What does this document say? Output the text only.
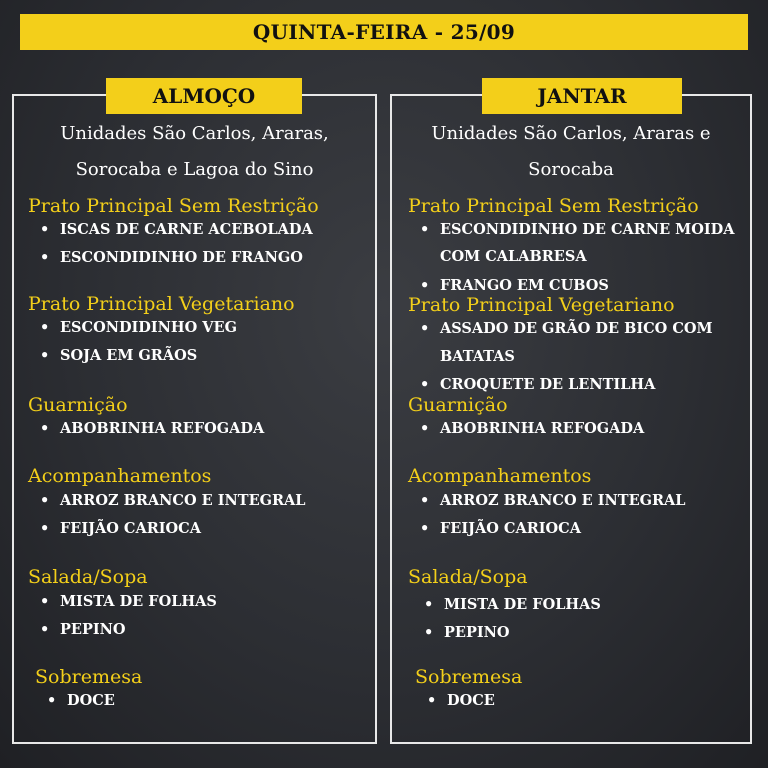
QUINTA-FEIRA - 25/09
ALMOÇO
Unidades São Carlos, Araras,
Sorocaba e Lagoa do Sino
Prato Principal Sem Restrição
• ISCAS DE CARNE ACEBOLADA
• ESCONDIDINHO DE FRANGO
Prato Principal Vegetariano
• ESCONDIDINHO VEG
• SOJA EM GRÃOS
Guarnição
• ABOBRINHA REFOGADA
Acompanhamentos
• ARROZ BRANCO E INTEGRAL
• FEIJÃO CARIOCA
Salada/Sopa
• MISTA DE FOLHAS
• PEPINO
Sobremesa
• DOCE
JANTAR
Unidades São Carlos, Araras e
Sorocaba
Prato Principal Sem Restrição
• ESCONDIDINHO DE CARNE MOIDA
COM CALABRESA
• FRANGO EM CUBOS
Prato Principal Vegetariano
• ASSADO DE GRÃO DE BICO COM
BATATAS
• CROQUETE DE LENTILHA
Guarnição
• ABOBRINHA REFOGADA
Acompanhamentos
• ARROZ BRANCO E INTEGRAL
• FEIJÃO CARIOCA
Salada/Sopa
• MISTA DE FOLHAS
• PEPINO
Sobremesa
• DOCE
